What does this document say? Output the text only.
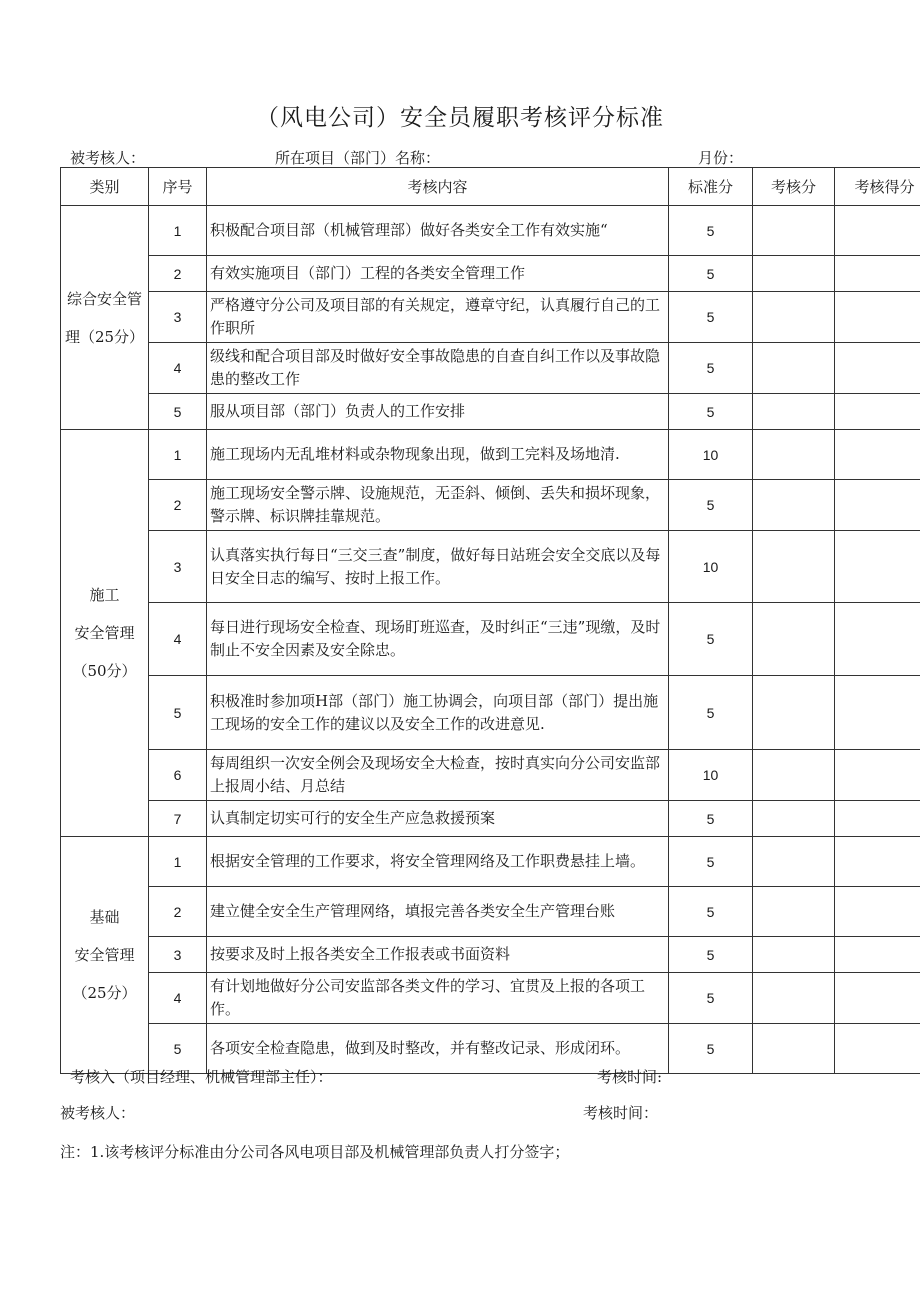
（风电公司）安全员履职考核评分标准
被考核人：	所在项目（部门）名称：	月份：
类别	序号	考核内容	标准分	考核分	考核得分

综合安全管
理（25分）	1	积极配合项目部（机械管理部）做好各类安全工作有效实施“	5		
	2	有效实施项目（部门）工程的各类安全管理工作	5		
	3	严格遵守分公司及项目部的有关规定，遵章守纪，认真履行自己的工作职所	5		
	4	级线和配合项目部及时做好安全事故隐患的自查自纠工作以及事故隐患的整改工作	5		
	5	服从项目部（部门）负责人的工作安排	5		

施工
安全管理
（50分）	1	施工现场内无乱堆材料或杂物现象出现，做到工完料及场地清.	10		
	2	施工现场安全警示牌、设施规范，无歪斜、倾倒、丢失和损坏现象，警示牌、标识牌挂靠规范。	5		
	3	认真落实执行每日“三交三查”制度，做好每日站班会安全交底以及每日安全日志的编写、按时上报工作。	10		
	4	每日进行现场安全检查、现场盯班巡查，及时纠正“三违”现缴，及时制止不安全因素及安全除忠。	5		
	5	积极准时参加项H部（部门）施工协调会，向项目部（部门）提出施工现场的安全工作的建议以及安全工作的改进意见.	5		
	6	每周组织一次安全例会及现场安全大检查，按时真实向分公司安监部上报周小结、月总结	10		
	7	认真制定切实可行的安全生产应急救援预案	5		

基础
安全管理
（25分）	1	根据安全管理的工作要求，将安全管理网络及工作职费悬挂上墙。	5		
	2	建立健全安全生产管理网络，填报完善各类安全生产管理台账	5		
	3	按要求及时上报各类安全工作报表或书面资料	5		
	4	有计划地做好分公司安监部各类文件的学习、宜贯及上报的各项工作。	5		
	5	各项安全检查隐患，做到及时整改，并有整改记录、形成闭环。	5		
考核入（项目经理、机械管理部主任）：	考核时间:
被考核人：	考核时间：
注：1.该考核评分标准由分公司各风电项目部及机械管理部负责人打分签字；
